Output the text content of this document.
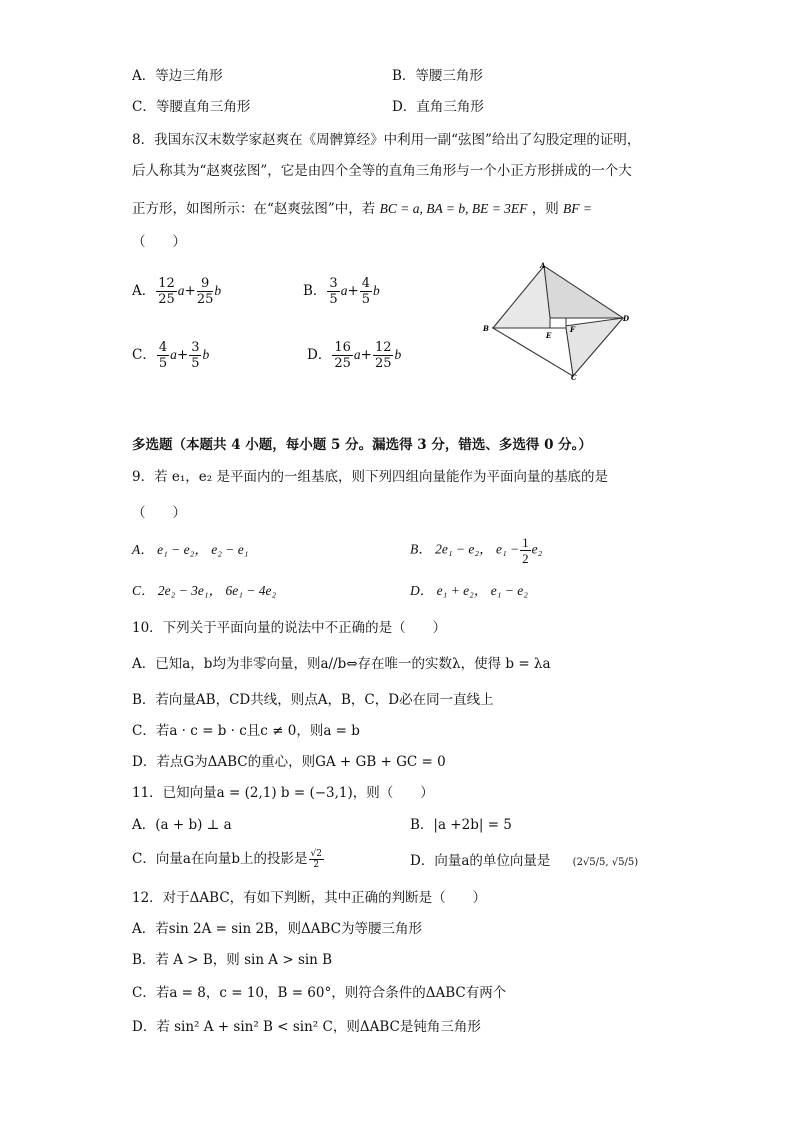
A．等边三角形	B．等腰三角形
C．等腰直角三角形	D．直角三角形
8．我国东汉末数学家赵爽在《周髀算经》中利用一副“弦图”给出了勾股定理的证明，
后人称其为“赵爽弦图”，它是由四个全等的直角三角形与一个小正方形拼成的一个大
正方形，如图所示：在“赵爽弦图”中，若 BC = a, BA = b, BE = 3EF ，则 BF =
（　　）
A． $\frac{12}{25} a+ \frac{9}{25}$ b	B． $\frac{3}{5} a+ \frac{4}{5}$ b
C． $\frac{4}{5} a+ \frac{3}{5}$ b	D． $\frac{16}{25} a+ \frac{12}{25}$ b
A
B
C
D
E
F
多选题（本题共 4 小题，每小题 5 分。漏选得 3 分，错选、多选得 0 分。）
9．若 e₁，e₂ 是平面内的一组基底，则下列四组向量能作为平面向量的基底的是
（　　）
A． e₁ − e₂， e₂ − e₁	B． 2e₁ − e₂， $e_1 - \frac{1}{2} e_2$
C． 2e₂ − 3e₁， 6e₁ − 4e₂	D． e₁ + e₂， e₁ − e₂
10．下列关于平面向量的说法中不正确的是（　　）
A．已知a，b均为非零向量，则a//b⇔存在唯一的实数λ，使得 b = λa
B．若向量AB，CD共线，则点A，B，C，D必在同一直线上
C．若a · c = b · c且c ≠ 0，则a = b
D．若点G为ΔABC的重心，则GA + GB + GC = 0
11．已知向量a = (2,1) b = (−3,1)，则（　　）
A．(a + b) ⊥ a	B．|a +2b| = 5
C．向量a在向量b上的投影是 $\frac{√2}{2}$	D．向量a的单位向量是 (2√5/5, √5/5)
12．对于ΔABC，有如下判断，其中正确的判断是（　　）
A．若sin 2A = sin 2B，则ΔABC为等腰三角形
B．若 A > B，则 sin A > sin B
C．若a = 8，c = 10，B = 60°，则符合条件的ΔABC有两个
D．若 sin² A + sin² B < sin² C，则ΔABC是钝角三角形
